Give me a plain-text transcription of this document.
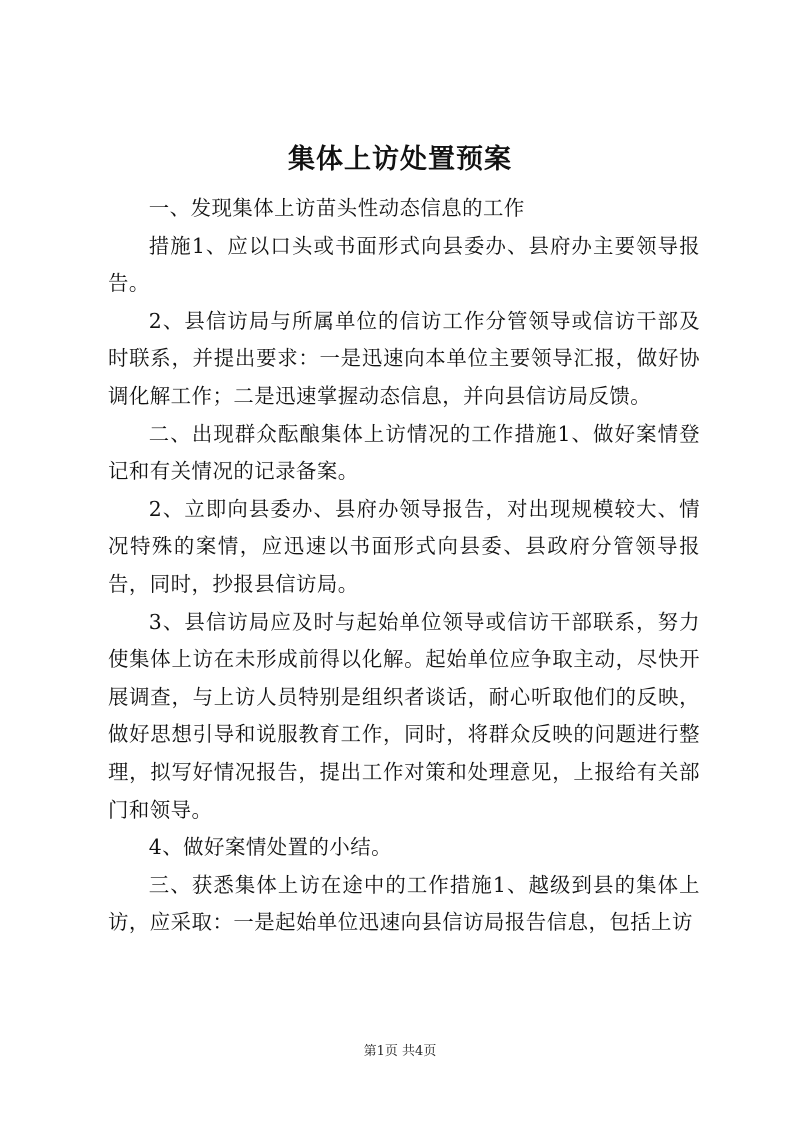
集体上访处置预案

一、发现集体上访苗头性动态信息的工作

措施1、应以口头或书面形式向县委办、县府办主要领导报告。

2、县信访局与所属单位的信访工作分管领导或信访干部及时联系，并提出要求：一是迅速向本单位主要领导汇报，做好协调化解工作；二是迅速掌握动态信息，并向县信访局反馈。

二、出现群众酝酿集体上访情况的工作措施1、做好案情登记和有关情况的记录备案。

2、立即向县委办、县府办领导报告，对出现规模较大、情况特殊的案情，应迅速以书面形式向县委、县政府分管领导报告，同时，抄报县信访局。

3、县信访局应及时与起始单位领导或信访干部联系，努力使集体上访在未形成前得以化解。起始单位应争取主动，尽快开展调查，与上访人员特别是组织者谈话，耐心听取他们的反映，做好思想引导和说服教育工作，同时，将群众反映的问题进行整理，拟写好情况报告，提出工作对策和处理意见，上报给有关部门和领导。

4、做好案情处置的小结。

三、获悉集体上访在途中的工作措施1、越级到县的集体上访，应采取：一是起始单位迅速向县信访局报告信息，包括上访

第1页 共4页
